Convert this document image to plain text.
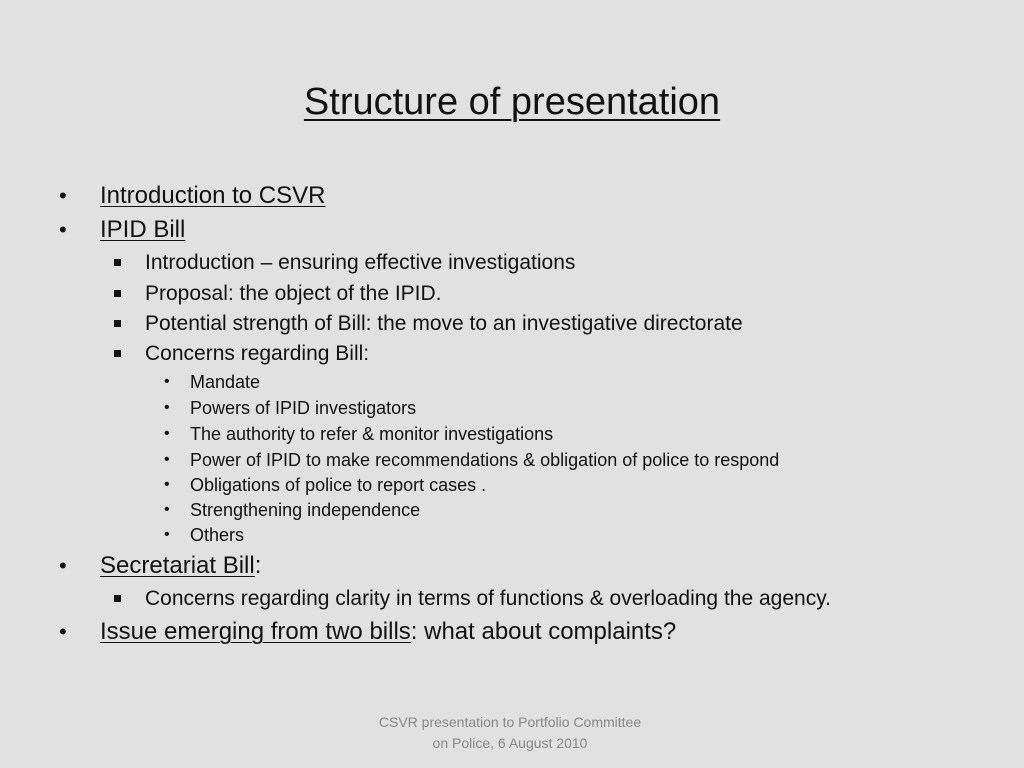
Structure of presentation
• Introduction to CSVR
• IPID Bill
Introduction – ensuring effective investigations
Proposal: the object of the IPID.
Potential strength of Bill: the move to an investigative directorate
Concerns regarding Bill:
• Mandate
• Powers of IPID investigators
• The authority to refer & monitor investigations
• Power of IPID to make recommendations & obligation of police to respond
• Obligations of police to report cases .
• Strengthening independence
• Others
• Secretariat Bill:
Concerns regarding clarity in terms of functions & overloading the agency.
• Issue emerging from two bills: what about complaints?
CSVR presentation to Portfolio Committee
on Police, 6 August 2010
